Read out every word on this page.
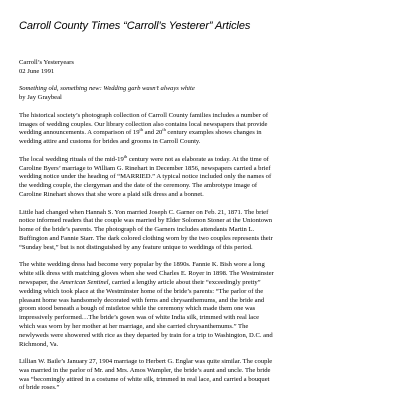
Carroll County Times “Carroll’s Yesterer” Articles
Carroll’s Yesteryears
02 June 1991
Something old, something new: Wedding garb wasn’t always white
by Jay Graybeal
The historical society’s photograph collection of Carroll County families includes a number of
images of wedding couples. Our library collection also contains local newspapers that provide
wedding announcements. A comparison of 19th and 20th century examples shows changes in
wedding attire and customs for brides and grooms in Carroll County.
The local wedding rituals of the mid-19th century were not as elaborate as today. At the time of
Caroline Byers’ marriage to William G. Rinehart in December 1856, newspapers carried a brief
wedding notice under the heading of “MARRIED.” A typical notice included only the names of
the wedding couple, the clergyman and the date of the ceremony. The ambrotype image of
Caroline Rinehart shows that she wore a plaid silk dress and a bonnet.
Little had changed when Hannah S. Yon married Joseph C. Garner on Feb. 21, 1871. The brief
notice informed readers that the couple was married by Elder Solomon Stoner at the Uniontown
home of the bride’s parents. The photograph of the Garners includes attendants Martin L.
Buffington and Fannie Starr. The dark colored clothing worn by the two couples represents their
“Sunday best,” but is not distinguished by any feature unique to weddings of this period.
The white wedding dress had become very popular by the 1890s. Fannie K. Bish wore a long
white silk dress with matching gloves when she wed Charles E. Royer in 1898. The Westminster
newspaper, the American Sentinel, carried a lengthy article about their “exceedingly pretty”
wedding which took place at the Westminster home of the bride’s parents: “The parlor of the
pleasant home was handsomely decorated with ferns and chrysanthemums, and the bride and
groom stood beneath a bough of mistletoe while the ceremony which made them one was
impressively performed…The bride’s gown was of white India silk, trimmed with real lace
which was worn by her mother at her marriage, and she carried chrysanthemums.” The
newlyweds were showered with rice as they departed by train for a trip to Washington, D.C. and
Richmond, Va.
Lillian W. Baile’s January 27, 1904 marriage to Herbert G. Englar was quite similar. The couple
was married in the parlor of Mr. and Mrs. Amos Wampler, the bride’s aunt and uncle. The bride
was “becomingly attired in a costume of white silk, trimmed in real lace, and carried a bouquet
of bride roses.”
